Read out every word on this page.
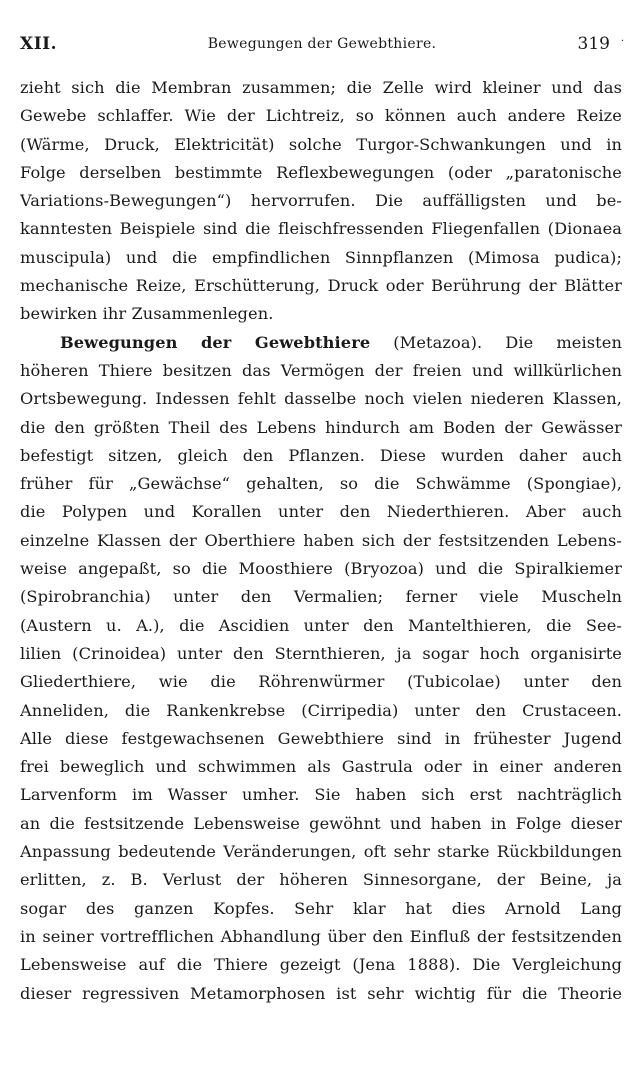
XII.	Bewegungen der Gewebthiere.	319 ·
zieht sich die Membran zusammen; die Zelle wird kleiner und das
Gewebe schlaffer. Wie der Lichtreiz, so können auch andere Reize
(Wärme, Druck, Elektricität) solche Turgor-Schwankungen und in
Folge derselben bestimmte Reflexbewegungen (oder „paratonische
Variations-Bewegungen“) hervorrufen. Die auffälligsten und be-
kanntesten Beispiele sind die fleischfressenden Fliegenfallen (Dionaea
muscipula) und die empfindlichen Sinnpflanzen (Mimosa pudica);
mechanische Reize, Erschütterung, Druck oder Berührung der Blätter
bewirken ihr Zusammenlegen.
Bewegungen der Gewebthiere (Metazoa). Die meisten
höheren Thiere besitzen das Vermögen der freien und willkürlichen
Ortsbewegung. Indessen fehlt dasselbe noch vielen niederen Klassen,
die den größten Theil des Lebens hindurch am Boden der Gewässer
befestigt sitzen, gleich den Pflanzen. Diese wurden daher auch
früher für „Gewächse“ gehalten, so die Schwämme (Spongiae),
die Polypen und Korallen unter den Niederthieren. Aber auch
einzelne Klassen der Oberthiere haben sich der festsitzenden Lebens-
weise angepaßt, so die Moosthiere (Bryozoa) und die Spiralkiemer
(Spirobranchia) unter den Vermalien; ferner viele Muscheln
(Austern u. A.), die Ascidien unter den Mantelthieren, die See-
lilien (Crinoidea) unter den Sternthieren, ja sogar hoch organisirte
Gliederthiere, wie die Röhrenwürmer (Tubicolae) unter den
Anneliden, die Rankenkrebse (Cirripedia) unter den Crustaceen.
Alle diese festgewachsenen Gewebthiere sind in frühester Jugend
frei beweglich und schwimmen als Gastrula oder in einer anderen
Larvenform im Wasser umher. Sie haben sich erst nachträglich
an die festsitzende Lebensweise gewöhnt und haben in Folge dieser
Anpassung bedeutende Veränderungen, oft sehr starke Rückbildungen
erlitten, z. B. Verlust der höheren Sinnesorgane, der Beine, ja
sogar des ganzen Kopfes. Sehr klar hat dies Arnold Lang
in seiner vortrefflichen Abhandlung über den Einfluß der festsitzenden
Lebensweise auf die Thiere gezeigt (Jena 1888). Die Vergleichung
dieser regressiven Metamorphosen ist sehr wichtig für die Theorie
